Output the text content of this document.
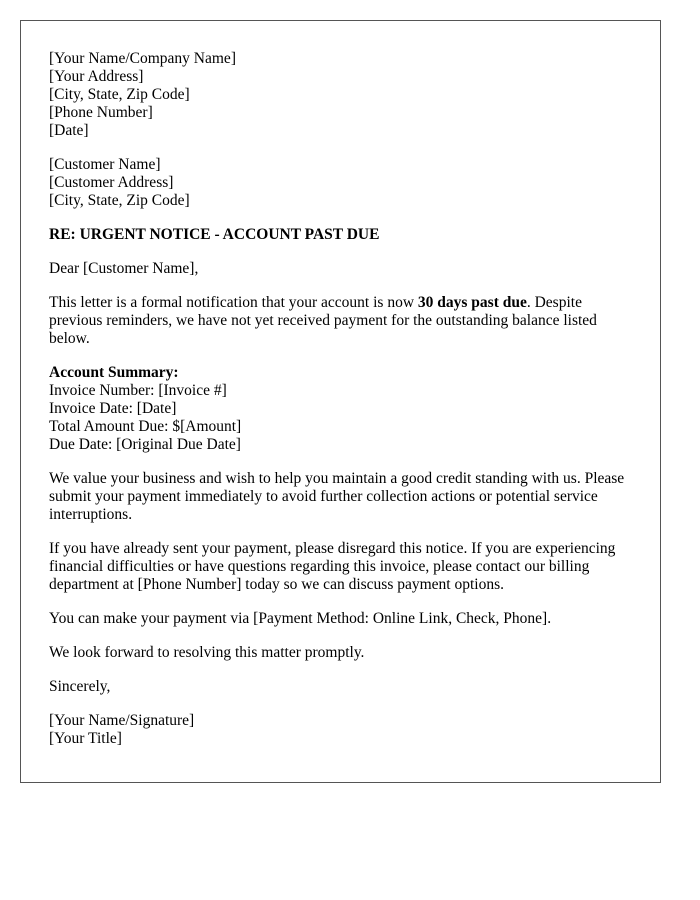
[Your Name/Company Name]
[Your Address]
[City, State, Zip Code]
[Phone Number]
[Date]
[Customer Name]
[Customer Address]
[City, State, Zip Code]

RE: URGENT NOTICE - ACCOUNT PAST DUE

Dear [Customer Name],

This letter is a formal notification that your account is now 30 days past due. Despite previous reminders, we have not yet received payment for the outstanding balance listed below.

Account Summary:
Invoice Number: [Invoice #]
Invoice Date: [Date]
Total Amount Due: $[Amount]
Due Date: [Original Due Date]

We value your business and wish to help you maintain a good credit standing with us. Please submit your payment immediately to avoid further collection actions or potential service interruptions.

If you have already sent your payment, please disregard this notice. If you are experiencing financial difficulties or have questions regarding this invoice, please contact our billing department at [Phone Number] today so we can discuss payment options.

You can make your payment via [Payment Method: Online Link, Check, Phone].

We look forward to resolving this matter promptly.

Sincerely,

[Your Name/Signature]
[Your Title]
